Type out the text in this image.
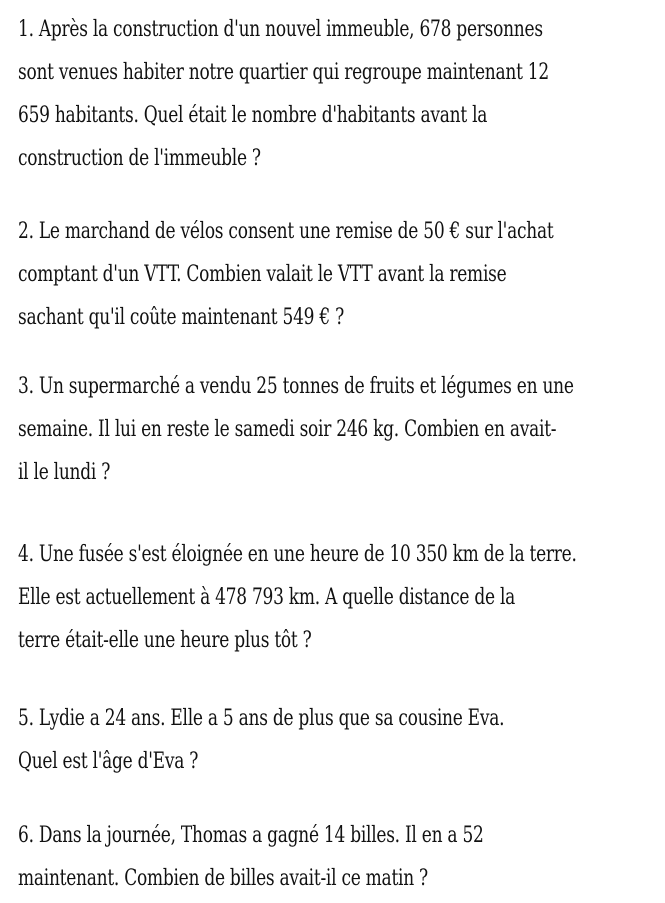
1. Après la construction d'un nouvel immeuble, 678 personnes
sont venues habiter notre quartier qui regroupe maintenant 12
659 habitants. Quel était le nombre d'habitants avant la
construction de l'immeuble ?
2. Le marchand de vélos consent une remise de 50 € sur l'achat
comptant d'un VTT. Combien valait le VTT avant la remise
sachant qu'il coûte maintenant 549 € ?
3. Un supermarché a vendu 25 tonnes de fruits et légumes en une
semaine. Il lui en reste le samedi soir 246 kg. Combien en avait-
il le lundi ?
4. Une fusée s'est éloignée en une heure de 10 350 km de la terre.
Elle est actuellement à 478 793 km. A quelle distance de la
terre était-elle une heure plus tôt ?
5. Lydie a 24 ans. Elle a 5 ans de plus que sa cousine Eva.
Quel est l'âge d'Eva ?
6. Dans la journée, Thomas a gagné 14 billes. Il en a 52
maintenant. Combien de billes avait-il ce matin ?
